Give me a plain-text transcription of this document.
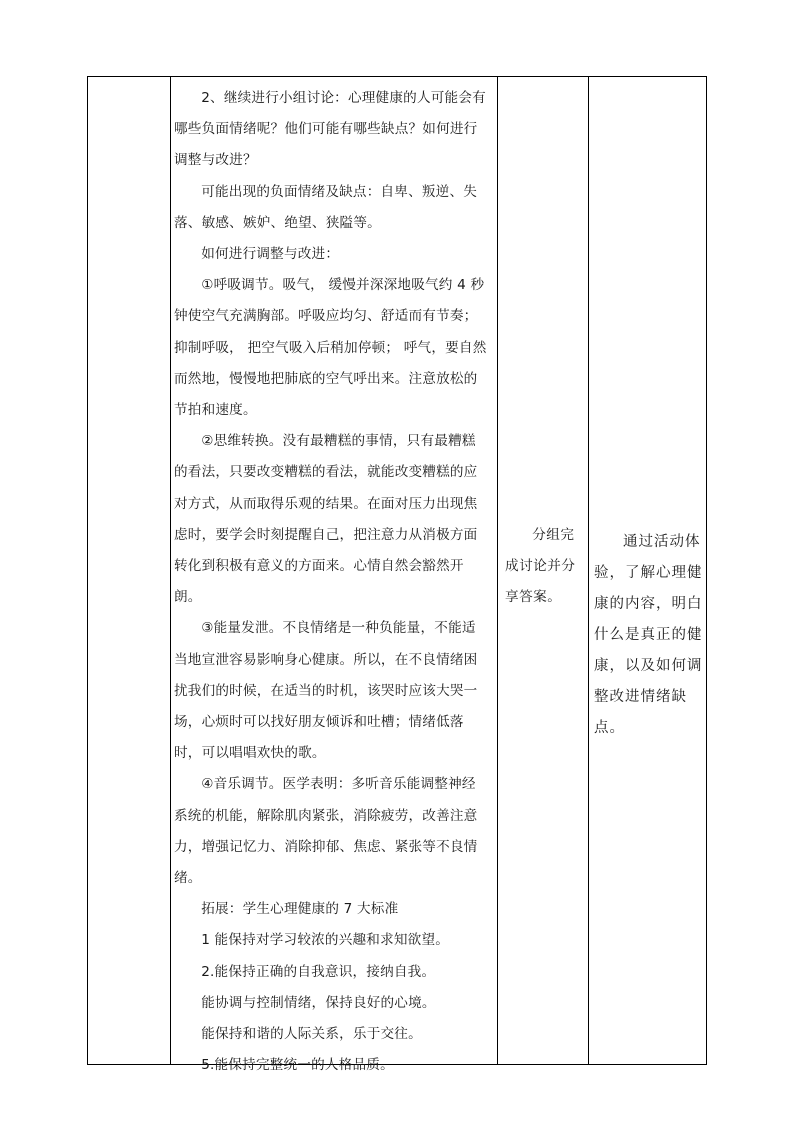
2、继续进行小组讨论：心理健康的人可能会有哪些负面情绪呢？他们可能有哪些缺点？如何进行调整与改进？

可能出现的负面情绪及缺点：自卑、叛逆、失落、敏感、嫉妒、绝望、狭隘等。

如何进行调整与改进：

①呼吸调节。吸气， 缓慢并深深地吸气约 4 秒钟使空气充满胸部。呼吸应均匀、舒适而有节奏；抑制呼吸， 把空气吸入后稍加停顿； 呼气，要自然而然地，慢慢地把肺底的空气呼出来。注意放松的节拍和速度。

②思维转换。没有最糟糕的事情，只有最糟糕的看法，只要改变糟糕的看法，就能改变糟糕的应对方式，从而取得乐观的结果。在面对压力出现焦虑时，要学会时刻提醒自己，把注意力从消极方面转化到积极有意义的方面来。心情自然会豁然开朗。

③能量发泄。不良情绪是一种负能量，不能适当地宣泄容易影响身心健康。所以，在不良情绪困扰我们的时候，在适当的时机，该哭时应该大哭一场，心烦时可以找好朋友倾诉和吐槽；情绪低落时，可以唱唱欢快的歌。

④音乐调节。医学表明：多听音乐能调整神经系统的机能，解除肌肉紧张，消除疲劳，改善注意力，增强记忆力、消除抑郁、焦虑、紧张等不良情绪。

拓展：学生心理健康的 7 大标准

1 能保持对学习较浓的兴趣和求知欲望。

2.能保持正确的自我意识，接纳自我。

能协调与控制情绪，保持良好的心境。

能保持和谐的人际关系，乐于交往。

5.能保持完整统一的人格品质。

分组完成讨论并分享答案。
通过活动体验，了解心理健康的内容，明白什么是真正的健康，以及如何调整改进情绪缺点。
